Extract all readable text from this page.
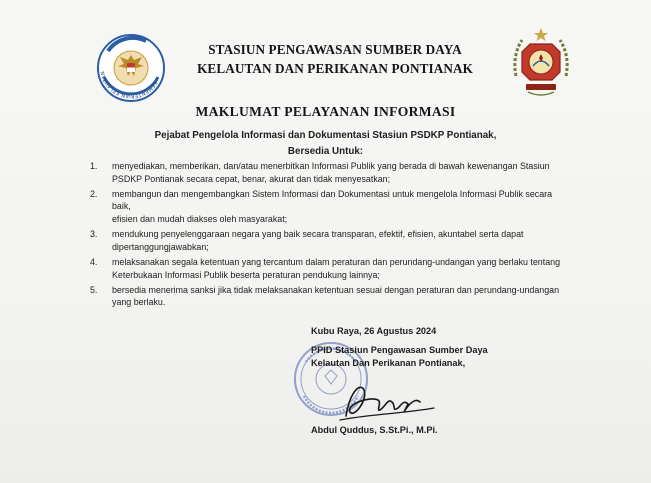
KEMENTERIAN KELAUTAN
STASIUN PENGAWASAN SUMBER DAYA
KELAUTAN DAN PERIKANAN PONTIANAK
MAKLUMAT PELAYANAN INFORMASI
Pejabat Pengelola Informasi dan Dokumentasi Stasiun PSDKP Pontianak,
Bersedia Untuk:
1. menyediakan, memberikan, dan/atau menerbitkan Informasi Publik yang berada di bawah kewenangan Stasiun
PSDKP Pontianak secara cepat, benar, akurat dan tidak menyesatkan;
2. membangun dan mengembangkan Sistem Informasi dan Dokumentasi untuk mengelola Informasi Publik secara baik,
efisien dan mudah diakses oleh masyarakat;
3. mendukung penyelenggaraan negara yang baik secara transparan, efektif, efisien, akuntabel serta dapat
dipertanggungjawabkan;
4. melaksanakan segala ketentuan yang tercantum dalam peraturan dan perundang-undangan yang berlaku tentang
Keterbukaan Informasi Publik beserta peraturan pendukung lainnya;
5. bersedia menerima sanksi jika tidak melaksanakan ketentuan sesuai dengan peraturan dan perundang-undangan
yang berlaku.
Kubu Raya, 26 Agustus 2024
PPID Stasiun Pengawasan Sumber Daya
Kelautan Dan Perikanan Pontianak,
Abdul Quddus, S.St.Pi., M.Pi.
